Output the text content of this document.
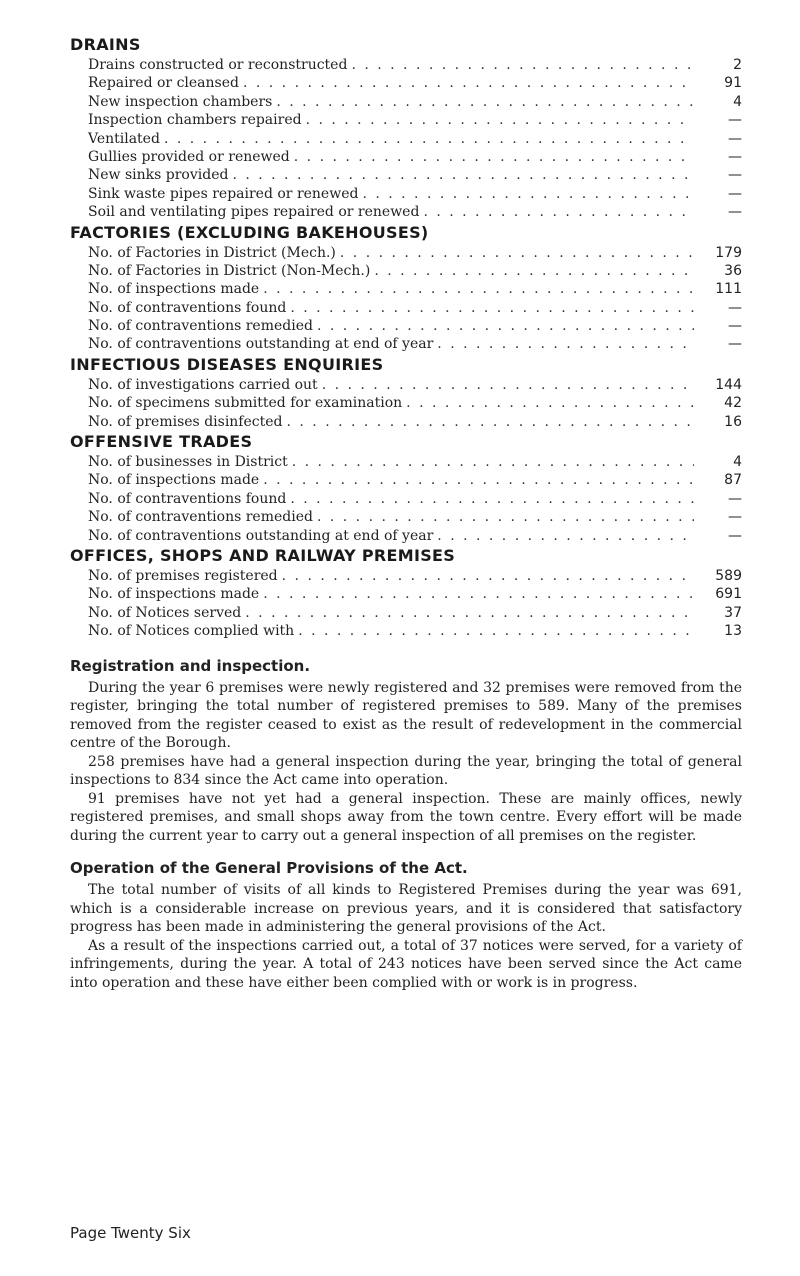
DRAINS
Drains constructed or reconstructed . . .	2
Repaired or cleansed . . .	91
New inspection chambers . . .	4
Inspection chambers repaired . . .	—
Ventilated . . .	—
Gullies provided or renewed . . .	—
New sinks provided . . .	—
Sink waste pipes repaired or renewed . . .	—
Soil and ventilating pipes repaired or renewed . . .	—
FACTORIES (EXCLUDING BAKEHOUSES)
No. of Factories in District (Mech.) . . .	179
No. of Factories in District (Non-Mech.) . . .	36
No. of inspections made . . .	111
No. of contraventions found . . .	—
No. of contraventions remedied . . .	—
No. of contraventions outstanding at end of year . . .	—
INFECTIOUS DISEASES ENQUIRIES
No. of investigations carried out . . .	144
No. of specimens submitted for examination . . .	42
No. of premises disinfected . . .	16
OFFENSIVE TRADES
No. of businesses in District . . .	4
No. of inspections made . . .	87
No. of contraventions found . . .	—
No. of contraventions remedied . . .	—
No. of contraventions outstanding at end of year . . .	—
OFFICES, SHOPS AND RAILWAY PREMISES
No. of premises registered . . .	589
No. of inspections made . . .	691
No. of Notices served . . .	37
No. of Notices complied with . . .	13
Registration and inspection.

During the year 6 premises were newly registered and 32 premises were removed from the register, bringing the total number of registered premises to 589. Many of the premises removed from the register ceased to exist as the result of redevelopment in the commercial centre of the Borough.

258 premises have had a general inspection during the year, bringing the total of general inspections to 834 since the Act came into operation.

91 premises have not yet had a general inspection. These are mainly offices, newly registered premises, and small shops away from the town centre. Every effort will be made during the current year to carry out a general inspection of all premises on the register.

Operation of the General Provisions of the Act.

The total number of visits of all kinds to Registered Premises during the year was 691, which is a considerable increase on previous years, and it is considered that satisfactory progress has been made in administering the general provisions of the Act.

As a result of the inspections carried out, a total of 37 notices were served, for a variety of infringements, during the year. A total of 243 notices have been served since the Act came into operation and these have either been complied with or work is in progress.

Page Twenty Six
